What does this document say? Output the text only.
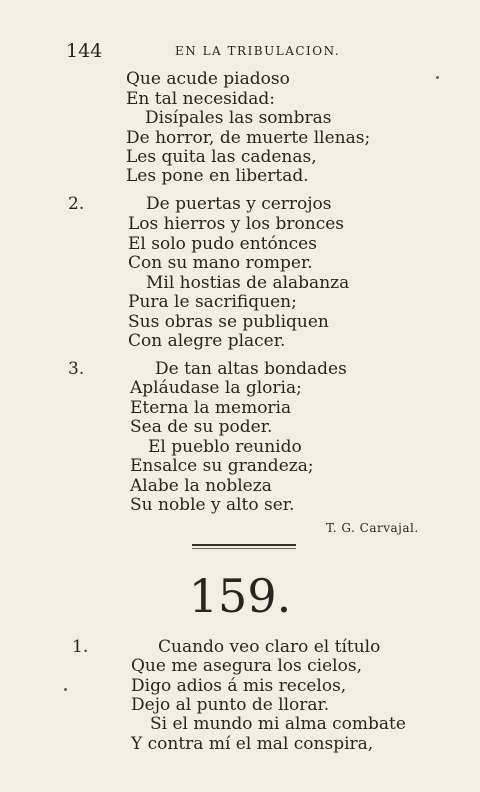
144	EN LA TRIBULACION.
Que acude piadoso
En tal necesidad:
Disípales las sombras
De horror, de muerte llenas;
Les quita las cadenas,
Les pone en libertad.
2.	De puertas y cerrojos
Los hierros y los bronces
El solo pudo entónces
Con su mano romper.
Mil hostias de alabanza
Pura le sacrifiquen;
Sus obras se publiquen
Con alegre placer.
3.	De tan altas bondades
Apláudase la gloria;
Eterna la memoria
Sea de su poder.
El pueblo reunido
Ensalce su grandeza;
Alabe la nobleza
Su noble y alto ser.
T. G. Carvajal.
159.
1.	Cuando veo claro el título
Que me asegura los cielos,
Digo adios á mis recelos,
Dejo al punto de llorar.
Si el mundo mi alma combate
Y contra mí el mal conspira,
